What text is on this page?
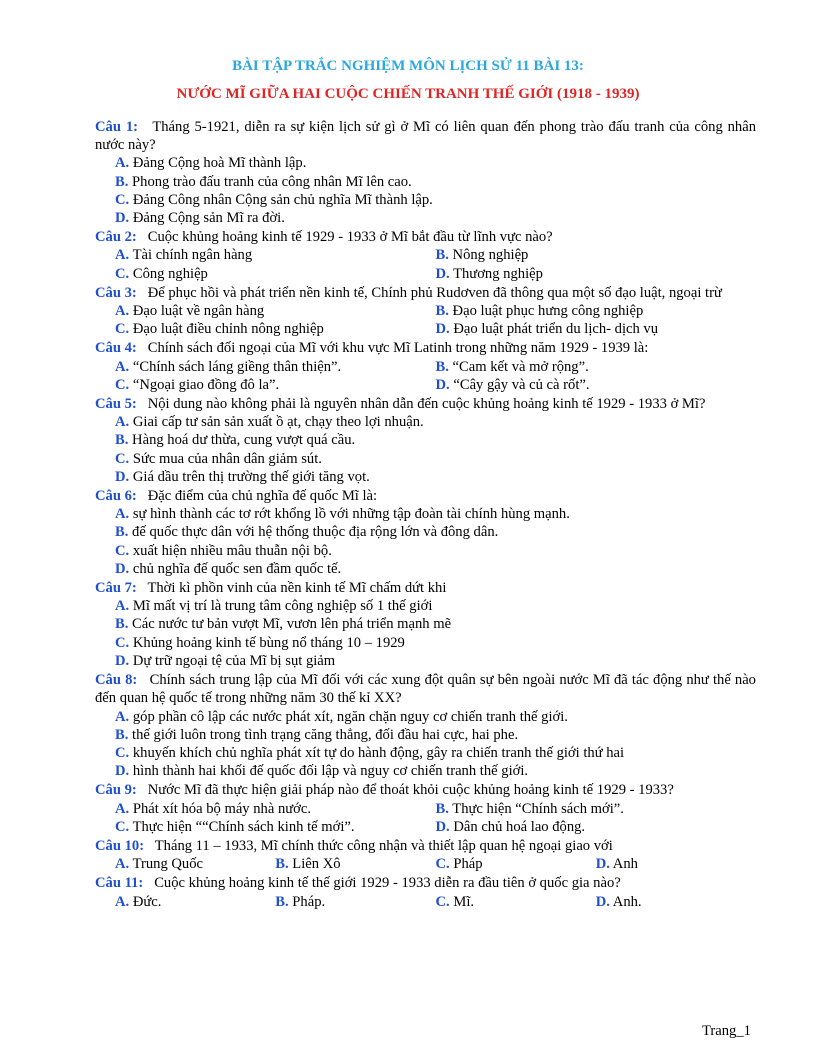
BÀI TẬP TRẮC NGHIỆM MÔN LỊCH SỬ 11 BÀI 13:
NƯỚC MĨ GIỮA HAI CUỘC CHIẾN TRANH THẾ GIỚI (1918 - 1939)
Câu 1: Tháng 5-1921, diễn ra sự kiện lịch sử gì ở Mĩ có liên quan đến phong trào đấu tranh của công nhân nước này?
A. Đảng Cộng hoà Mĩ thành lập.
B. Phong trào đấu tranh của công nhân Mĩ lên cao.
C. Đảng Công nhân Cộng sản chủ nghĩa Mĩ thành lập.
D. Đảng Cộng sản Mĩ ra đời.
Câu 2: Cuộc khủng hoảng kinh tế 1929 - 1933 ở Mĩ bắt đầu từ lĩnh vực nào?
A. Tài chính ngân hàng	B. Nông nghiệp
C. Công nghiệp	D. Thương nghiệp
Câu 3: Để phục hồi và phát triển nền kinh tế, Chính phủ Rudơven đã thông qua một số đạo luật, ngoại trừ
A. Đạo luật về ngân hàng	B. Đạo luật phục hưng công nghiệp
C. Đạo luật điều chỉnh nông nghiệp	D. Đạo luật phát triển du lịch- dịch vụ
Câu 4: Chính sách đối ngoại của Mĩ với khu vực Mĩ Latinh trong những năm 1929 - 1939 là:
A. “Chính sách láng giềng thân thiện”.	B. “Cam kết và mở rộng”.
C. “Ngoại giao đồng đô la”.	D. “Cây gậy và củ cà rốt”.
Câu 5: Nội dung nào không phải là nguyên nhân dẫn đến cuộc khủng hoảng kinh tế 1929 - 1933 ở Mĩ?
A. Giai cấp tư sản sản xuất ồ ạt, chạy theo lợi nhuận.
B. Hàng hoá dư thừa, cung vượt quá cầu.
C. Sức mua của nhân dân giảm sút.
D. Giá dầu trên thị trường thế giới tăng vọt.
Câu 6: Đặc điểm của chủ nghĩa đế quốc Mĩ là:
A. sự hình thành các tơ rớt khổng lồ với những tập đoàn tài chính hùng mạnh.
B. đế quốc thực dân với hệ thống thuộc địa rộng lớn và đông dân.
C. xuất hiện nhiều mâu thuẫn nội bộ.
D. chủ nghĩa đế quốc sen đầm quốc tế.
Câu 7: Thời kì phồn vinh của nền kinh tế Mĩ chấm dứt khi
A. Mĩ mất vị trí là trung tâm công nghiệp số 1 thế giới
B. Các nước tư bản vượt Mĩ, vươn lên phá triển mạnh mẽ
C. Khủng hoảng kinh tế bùng nổ tháng 10 – 1929
D. Dự trữ ngoại tệ của Mĩ bị sụt giảm
Câu 8: Chính sách trung lập của Mĩ đối với các xung đột quân sự bên ngoài nước Mĩ đã tác động như thế nào đến quan hệ quốc tế trong những năm 30 thế kỉ XX?
A. góp phần cô lập các nước phát xít, ngăn chặn nguy cơ chiến tranh thế giới.
B. thế giới luôn trong tình trạng căng thẳng, đối đầu hai cực, hai phe.
C. khuyến khích chủ nghĩa phát xít tự do hành động, gây ra chiến tranh thế giới thứ hai
D. hình thành hai khối đế quốc đối lập và nguy cơ chiến tranh thế giới.
Câu 9: Nước Mĩ đã thực hiện giải pháp nào để thoát khỏi cuộc khủng hoảng kinh tế 1929 - 1933?
A. Phát xít hóa bộ máy nhà nước.	B. Thực hiện “Chính sách mới”.
C. Thực hiện ““Chính sách kinh tế mới”.	D. Dân chủ hoá lao động.
Câu 10: Tháng 11 – 1933, Mĩ chính thức công nhận và thiết lập quan hệ ngoại giao với
A. Trung Quốc	B. Liên Xô	C. Pháp	D. Anh
Câu 11: Cuộc khủng hoảng kinh tế thế giới 1929 - 1933 diễn ra đầu tiên ở quốc gia nào?
A. Đức.	B. Pháp.	C. Mĩ.	D. Anh.
Trang_1
